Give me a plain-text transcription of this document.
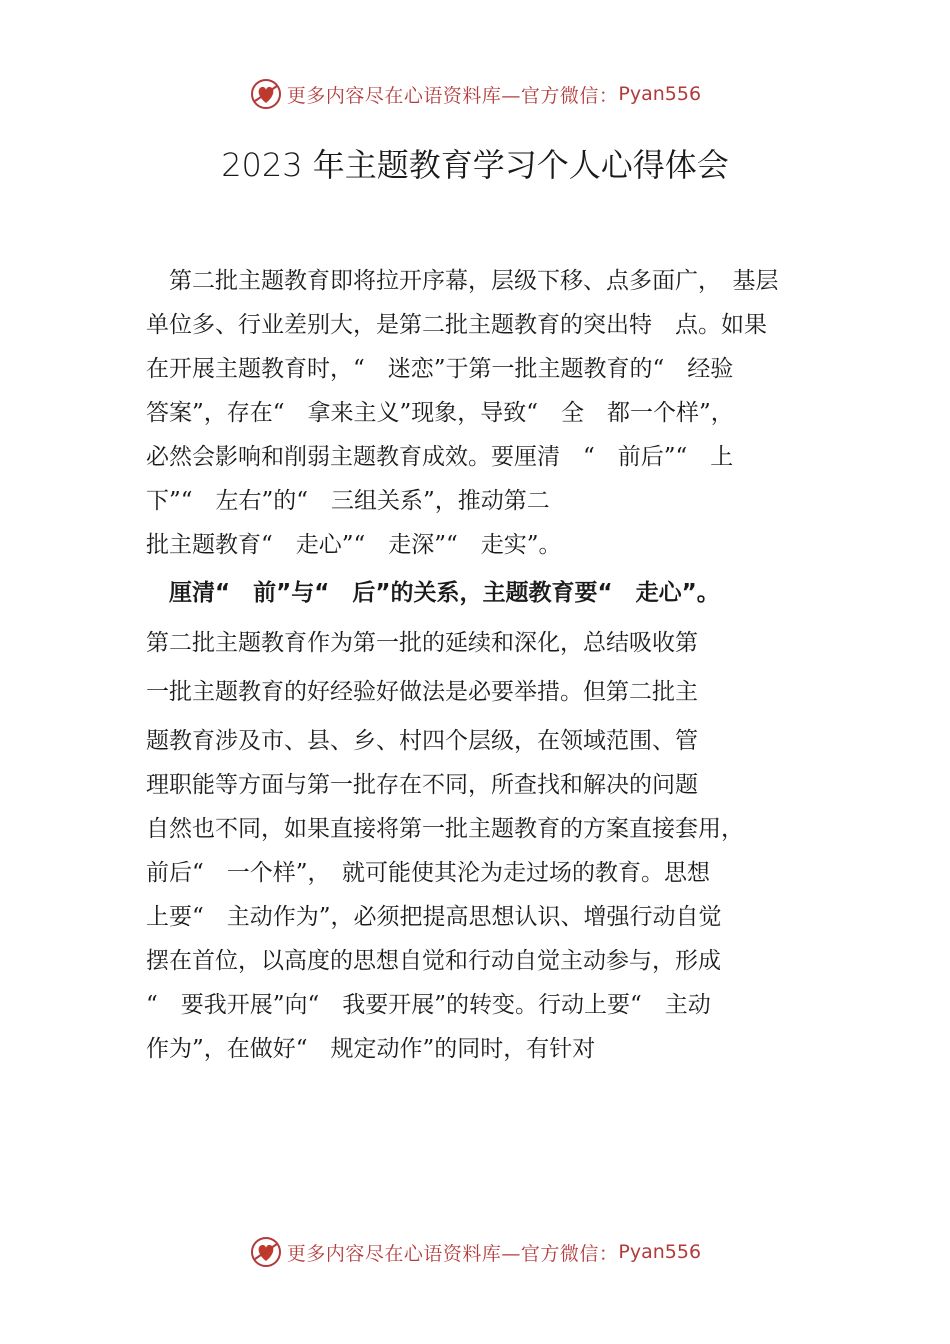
更多内容尽在心语资料库—官方微信： Pyan556
2023 年主题教育学习个人心得体会
　第二批主题教育即将拉开序幕，层级下移、点多面广，　基层
单位多、行业差别大，是第二批主题教育的突出特　点。如果
在开展主题教育时，“　迷恋”于第一批主题教育的“　经验
答案”，存在“　拿来主义”现象，导致“　全　都一个样”，
必然会影响和削弱主题教育成效。要厘清　“　前后”“　上
下”“　左右”的“　三组关系”，推动第二
批主题教育“　走心”“　走深”“　走实”。
　厘清“　前”与“　后”的关系，主题教育要“　走心”。
第二批主题教育作为第一批的延续和深化，总结吸收第
一批主题教育的好经验好做法是必要举措。但第二批主
题教育涉及市、县、乡、村四个层级，在领域范围、管
理职能等方面与第一批存在不同，所查找和解决的问题
自然也不同，如果直接将第一批主题教育的方案直接套用，
前后“　一个样”，　就可能使其沦为走过场的教育。思想
上要“　主动作为”，必须把提高思想认识、增强行动自觉
摆在首位，以高度的思想自觉和行动自觉主动参与，形成
“　要我开展”向“　我要开展”的转变。行动上要“　主动
作为”，在做好“　规定动作”的同时，有针对
更多内容尽在心语资料库—官方微信： Pyan556
